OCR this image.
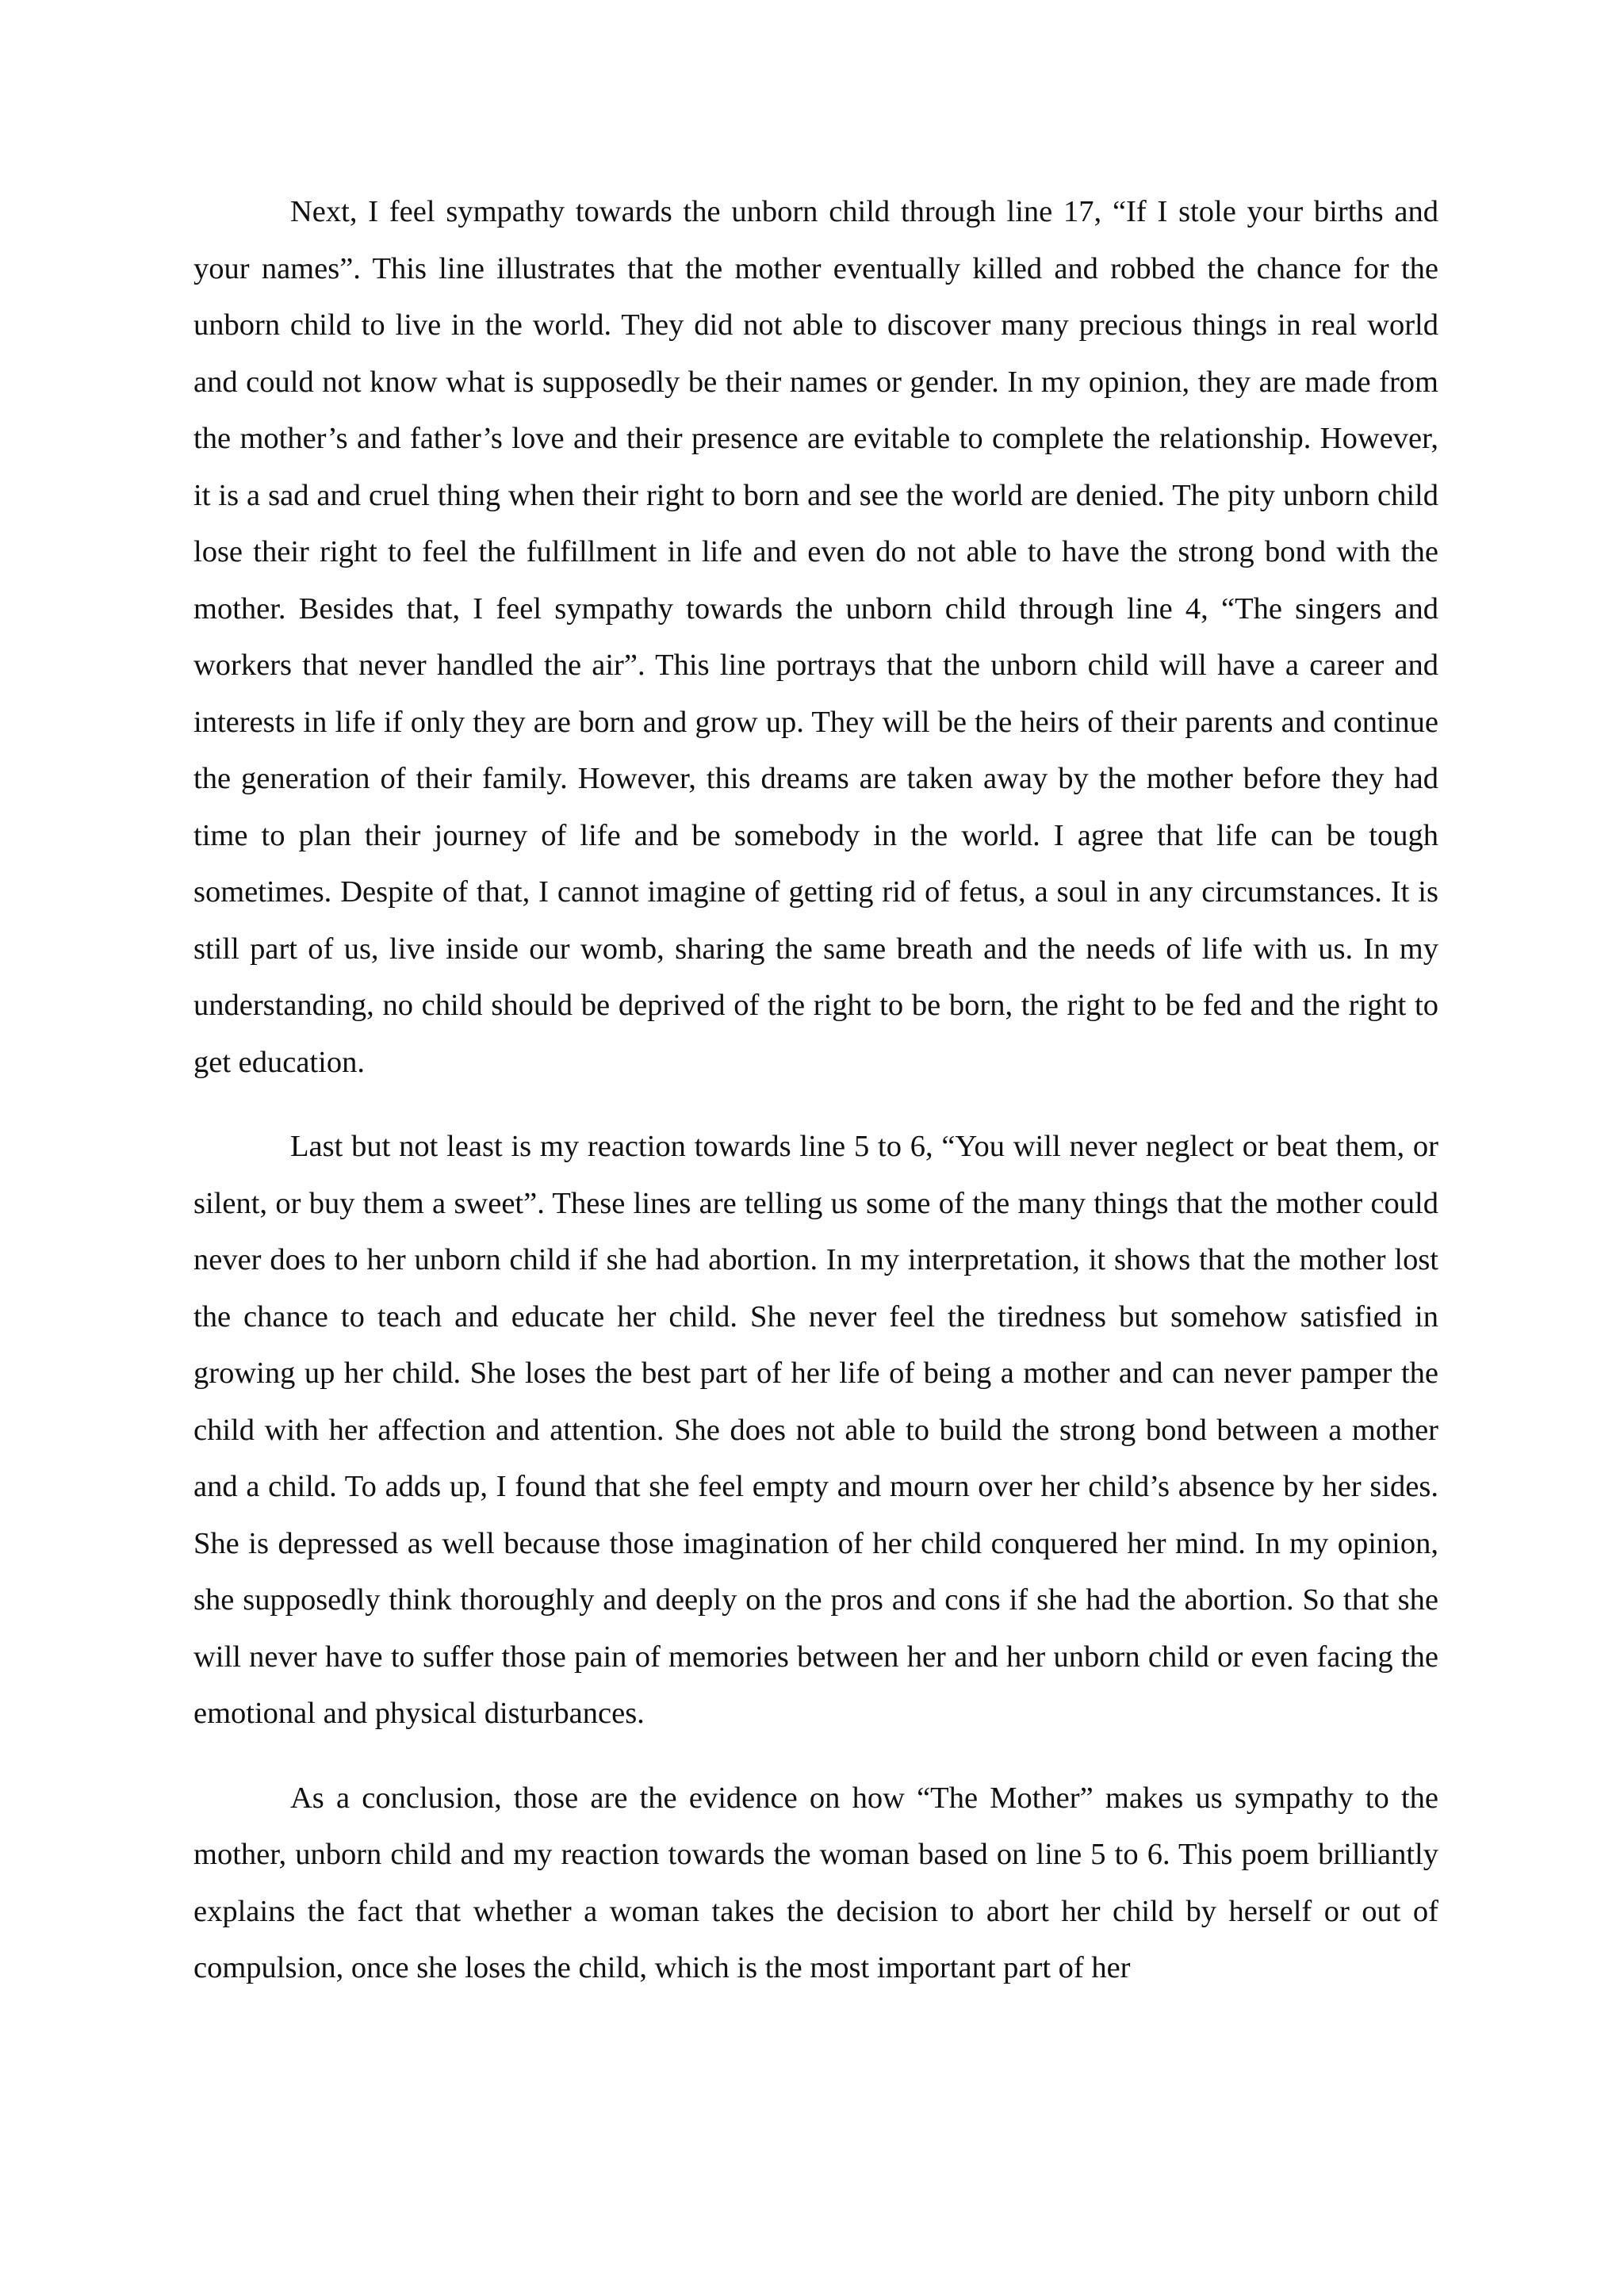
Next, I feel sympathy towards the unborn child through line 17, “If I stole your births and your names”. This line illustrates that the mother eventually killed and robbed the chance for the unborn child to live in the world. They did not able to discover many precious things in real world and could not know what is supposedly be their names or gender. In my opinion, they are made from the mother’s and father’s love and their presence are evitable to complete the relationship. However, it is a sad and cruel thing when their right to born and see the world are denied. The pity unborn child lose their right to feel the fulfillment in life and even do not able to have the strong bond with the mother. Besides that, I feel sympathy towards the unborn child through line 4, “The singers and workers that never handled the air”. This line portrays that the unborn child will have a career and interests in life if only they are born and grow up. They will be the heirs of their parents and continue the generation of their family. However, this dreams are taken away by the mother before they had time to plan their journey of life and be somebody in the world. I agree that life can be tough sometimes. Despite of that, I cannot imagine of getting rid of fetus, a soul in any circumstances. It is still part of us, live inside our womb, sharing the same breath and the needs of life with us. In my understanding, no child should be deprived of the right to be born, the right to be fed and the right to get education.

Last but not least is my reaction towards line 5 to 6, “You will never neglect or beat them, or silent, or buy them a sweet”. These lines are telling us some of the many things that the mother could never does to her unborn child if she had abortion. In my interpretation, it shows that the mother lost the chance to teach and educate her child. She never feel the tiredness but somehow satisfied in growing up her child. She loses the best part of her life of being a mother and can never pamper the child with her affection and attention. She does not able to build the strong bond between a mother and a child. To adds up, I found that she feel empty and mourn over her child’s absence by her sides. She is depressed as well because those imagination of her child conquered her mind. In my opinion, she supposedly think thoroughly and deeply on the pros and cons if she had the abortion. So that she will never have to suffer those pain of memories between her and her unborn child or even facing the emotional and physical disturbances.

As a conclusion, those are the evidence on how “The Mother” makes us sympathy to the mother, unborn child and my reaction towards the woman based on line 5 to 6. This poem brilliantly explains the fact that whether a woman takes the decision to abort her child by herself or out of compulsion, once she loses the child, which is the most important part of her
